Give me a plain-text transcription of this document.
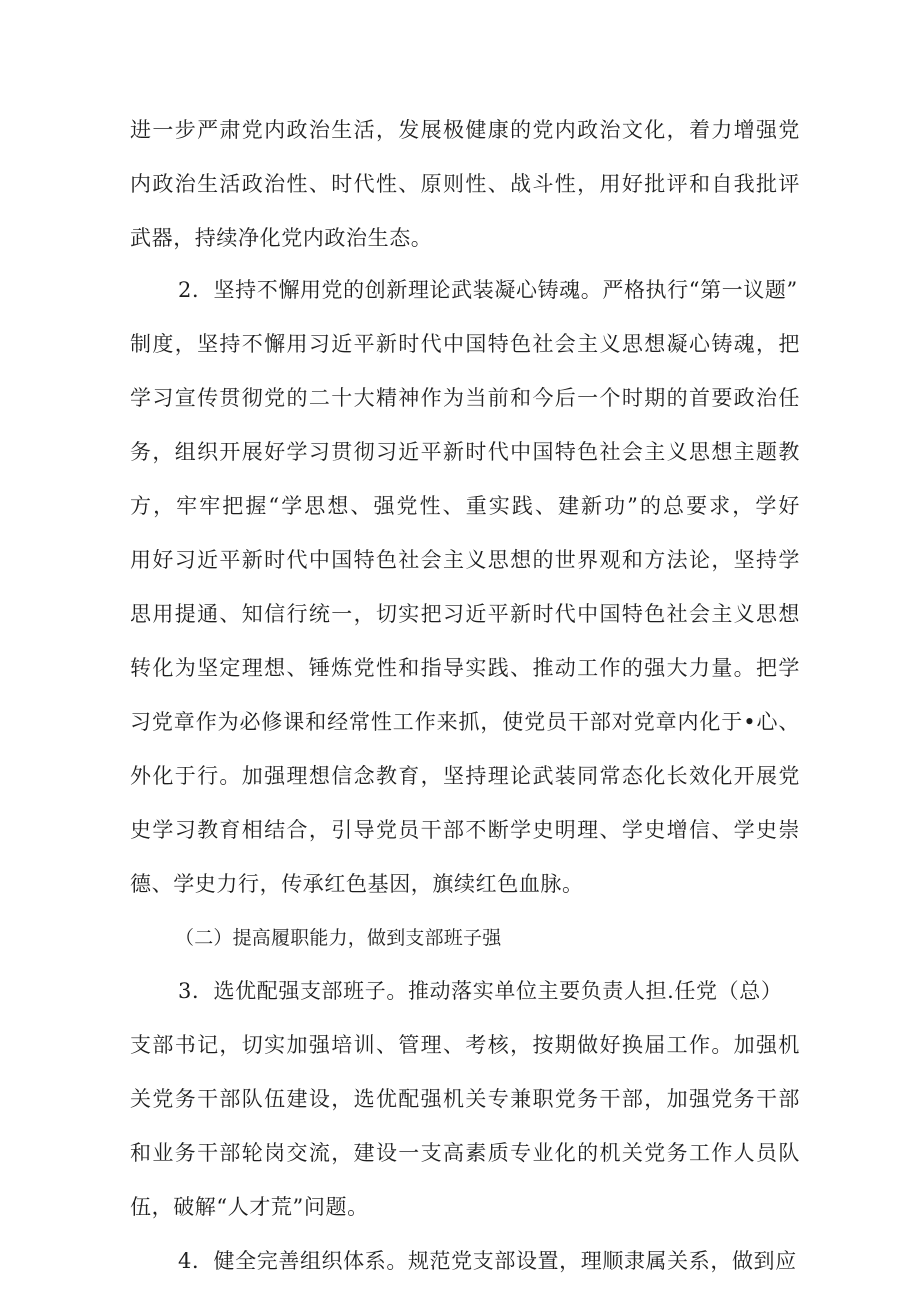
进一步严肃党内政治生活，发展极健康的党内政治文化，着力增强党
内政治生活政治性、时代性、原则性、战斗性，用好批评和自我批评
武器，持续净化党内政治生态。
2．坚持不懈用党的创新理论武装凝心铸魂。严格执行“第一议题”
制度，坚持不懈用习近平新时代中国特色社会主义思想凝心铸魂，把
学习宣传贯彻党的二十大精神作为当前和今后一个时期的首要政治任
务，组织开展好学习贯彻习近平新时代中国特色社会主义思想主题教
方，牢牢把握“学思想、强党性、重实践、建新功”的总要求，学好
用好习近平新时代中国特色社会主义思想的世界观和方法论，坚持学
思用提通、知信行统一，切实把习近平新时代中国特色社会主义思想
转化为坚定理想、锤炼党性和指导实践、推动工作的强大力量。把学
习党章作为必修课和经常性工作来抓，使党员干部对党章内化于•心、
外化于行。加强理想信念教育，坚持理论武装同常态化长效化开展党
史学习教育相结合，引导党员干部不断学史明理、学史增信、学史崇
德、学史力行，传承红色基因，旗续红色血脉。
（二）提高履职能力，做到支部班子强
3．选优配强支部班子。推动落实单位主要负责人担.任党（总）
支部书记，切实加强培训、管理、考核，按期做好换届工作。加强机
关党务干部队伍建设，选优配强机关专兼职党务干部，加强党务干部
和业务干部轮岗交流，建设一支高素质专业化的机关党务工作人员队
伍，破解“人才荒”问题。
4．健全完善组织体系。规范党支部设置，理顺隶属关系，做到应
